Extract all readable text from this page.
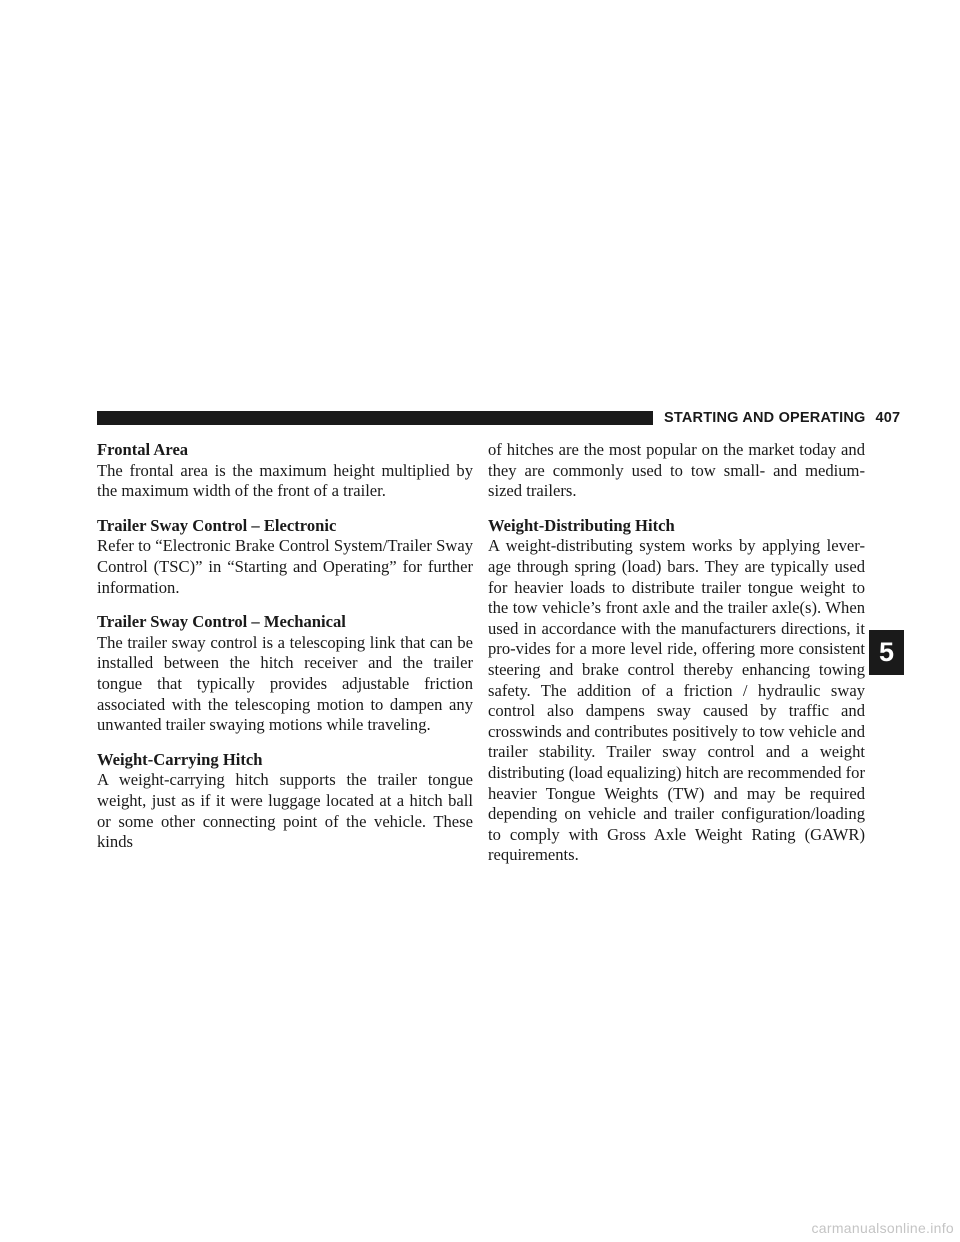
STARTING AND OPERATING 407

Frontal Area

The frontal area is the maximum height multiplied by the maximum width of the front of a trailer.

Trailer Sway Control – Electronic

Refer to “Electronic Brake Control System/Trailer Sway Control (TSC)” in “Starting and Operating” for further information.

Trailer Sway Control – Mechanical

The trailer sway control is a telescoping link that can be installed between the hitch receiver and the trailer tongue that typically provides adjustable friction associated with the telescoping motion to dampen any unwanted trailer swaying motions while traveling.

Weight-Carrying Hitch

A weight-carrying hitch supports the trailer tongue weight, just as if it were luggage located at a hitch ball or some other connecting point of the vehicle. These kinds

of hitches are the most popular on the market today and they are commonly used to tow small- and medium-sized trailers.

Weight-Distributing Hitch

A weight-distributing system works by applying lever-age through spring (load) bars. They are typically used for heavier loads to distribute trailer tongue weight to the tow vehicle’s front axle and the trailer axle(s). When used in accordance with the manufacturers directions, it pro-vides for a more level ride, offering more consistent steering and brake control thereby enhancing towing safety. The addition of a friction / hydraulic sway control also dampens sway caused by traffic and crosswinds and contributes positively to tow vehicle and trailer stability. Trailer sway control and a weight distributing (load equalizing) hitch are recommended for heavier Tongue Weights (TW) and may be required depending on vehicle and trailer configuration/loading to comply with Gross Axle Weight Rating (GAWR) requirements.

5
carmanualsonline.info
